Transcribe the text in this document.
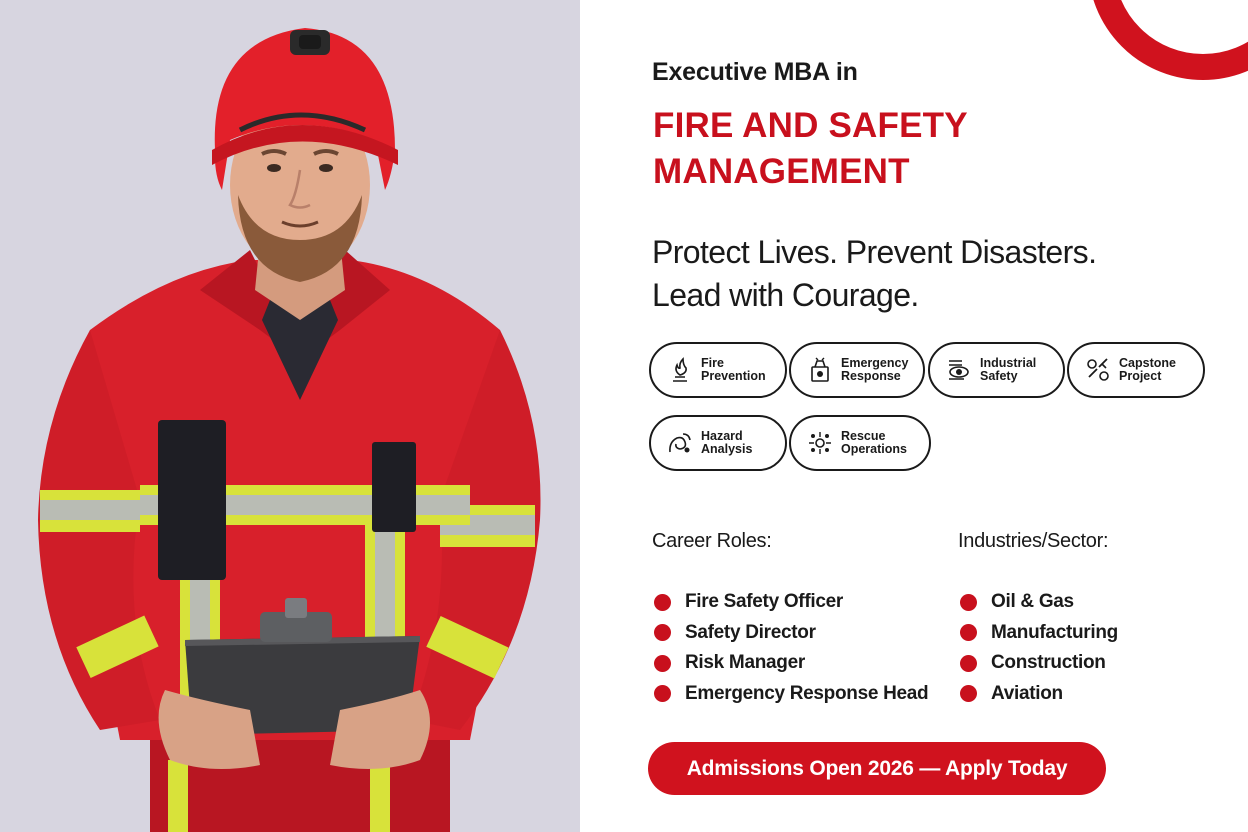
Executive MBA in
FIRE AND SAFETY
MANAGEMENT
Protect Lives. Prevent Disasters.
Lead with Courage.
Fire
Prevention
Emergency
Response
Industrial
Safety
Capstone
Project
Hazard
Analysis
Rescue
Operations
Career Roles:
Fire Safety Officer
Safety Director
Risk Manager
Emergency Response Head
Industries/Sector:
Oil & Gas
Manufacturing
Construction
Aviation
Admissions Open 2026 — Apply Today
